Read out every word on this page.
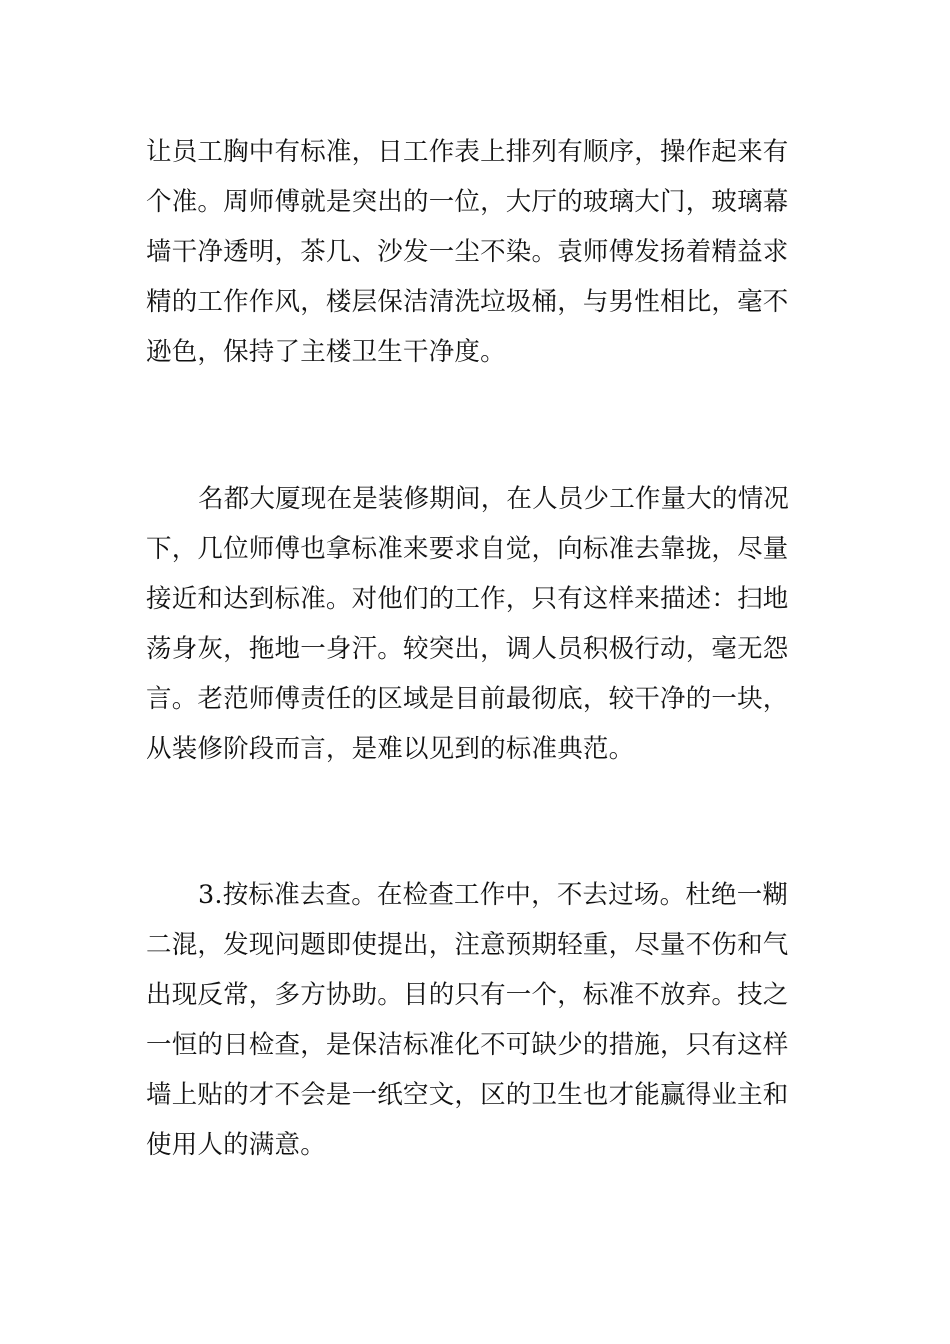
让员工胸中有标准，日工作表上排列有顺序，操作起来有
个准。周师傅就是突出的一位，大厅的玻璃大门，玻璃幕
墙干净透明，茶几、沙发一尘不染。袁师傅发扬着精益求
精的工作作风，楼层保洁清洗垃圾桶，与男性相比，毫不
逊色，保持了主楼卫生干净度。
名都大厦现在是装修期间，在人员少工作量大的情况
下，几位师傅也拿标准来要求自觉，向标准去靠拢，尽量
接近和达到标准。对他们的工作，只有这样来描述：扫地
荡身灰，拖地一身汗。较突出，调人员积极行动，毫无怨
言。老范师傅责任的区域是目前最彻底，较干净的一块，
从装修阶段而言，是难以见到的标准典范。
3.按标准去查。在检查工作中，不去过场。杜绝一糊
二混，发现问题即使提出，注意预期轻重，尽量不伤和气
出现反常，多方协助。目的只有一个，标准不放弃。技之
一恒的日检查，是保洁标准化不可缺少的措施，只有这样
墙上贴的才不会是一纸空文，区的卫生也才能赢得业主和
使用人的满意。
